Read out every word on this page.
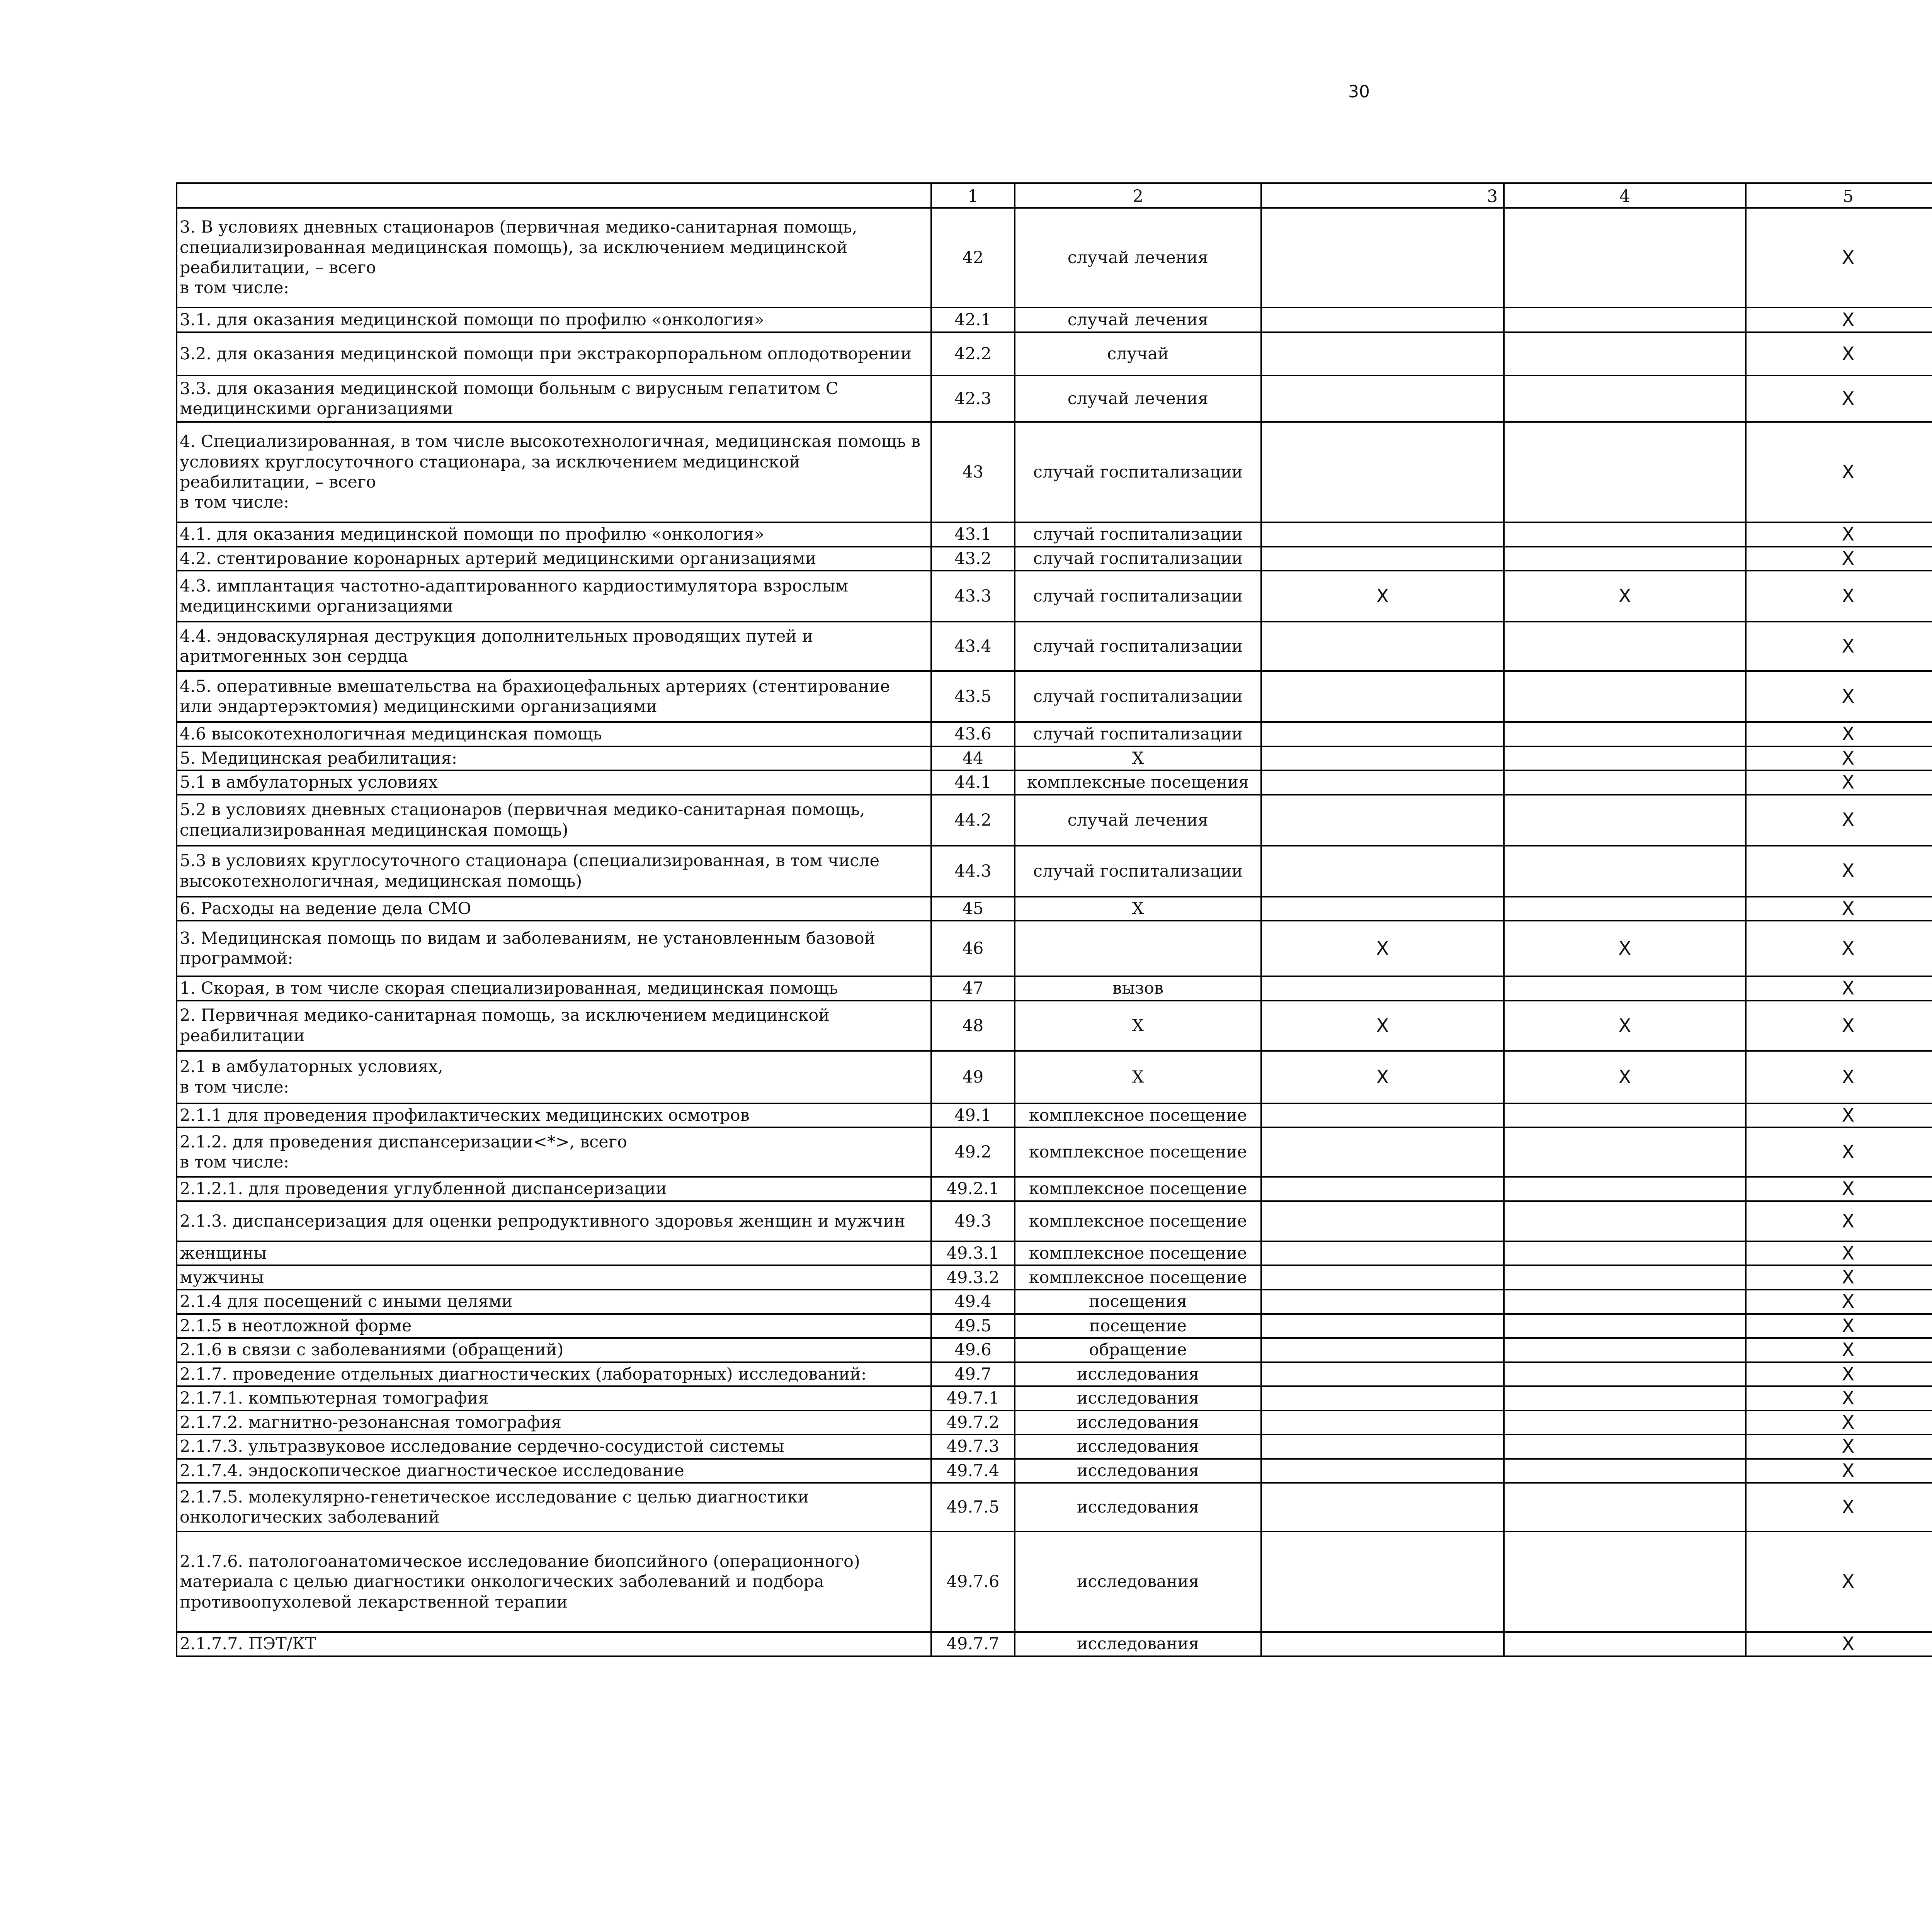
30
	1	2	3	4	5				
3. В условиях дневных стационаров (первичная медико-санитарная помощь, специализированная медицинская помощь), за исключением медицинской реабилитации, – всего
в том числе:	42	случай лечения			X				
3.1. для оказания медицинской помощи по профилю «онкология»	42.1	случай лечения			X				
3.2. для оказания медицинской помощи при экстракорпоральном оплодотворении	42.2	случай			X				
3.3. для оказания медицинской помощи больным с вирусным гепатитом С медицинскими организациями	42.3	случай лечения			X				
4. Специализированная, в том числе высокотехнологичная, медицинская помощь в условиях круглосуточного стационара, за исключением медицинской реабилитации, – всего
в том числе:	43	случай госпитализации			X				
4.1. для оказания медицинской помощи по профилю «онкология»	43.1	случай госпитализации			X				
4.2. стентирование коронарных артерий медицинскими организациями	43.2	случай госпитализации			X				
4.3. имплантация частотно-адаптированного кардиостимулятора взрослым медицинскими организациями	43.3	случай госпитализации	X	X	X				
4.4. эндоваскулярная деструкция дополнительных проводящих путей и аритмогенных зон сердца	43.4	случай госпитализации			X				
4.5. оперативные вмешательства на брахиоцефальных артериях (стентирование или эндартерэктомия) медицинскими организациями	43.5	случай госпитализации			X				
4.6 высокотехнологичная медицинская помощь	43.6	случай госпитализации			X				
5. Медицинская реабилитация:	44	X			X				
5.1 в амбулаторных условиях	44.1	комплексные посещения			X				
5.2 в условиях дневных стационаров (первичная медико-санитарная помощь, специализированная медицинская помощь)	44.2	случай лечения			X				
5.3 в условиях круглосуточного стационара (специализированная, в том числе высокотехнологичная, медицинская помощь)	44.3	случай госпитализации			X				
6. Расходы на ведение дела СМО	45	X			X				
3. Медицинская помощь по видам и заболеваниям, не установленным базовой программой:	46		X	X	X				
1. Скорая, в том числе скорая специализированная, медицинская помощь	47	вызов			X				
2. Первичная медико-санитарная помощь, за исключением медицинской реабилитации	48	X	X	X	X				
2.1 в амбулаторных условиях,
в том числе:	49	X	X	X	X				
2.1.1 для проведения профилактических медицинских осмотров	49.1	комплексное посещение			X				
2.1.2. для проведения диспансеризации<*>, всего
в том числе:	49.2	комплексное посещение			X				
2.1.2.1. для проведения углубленной диспансеризации	49.2.1	комплексное посещение			X				
2.1.3. диспансеризация для оценки репродуктивного здоровья женщин и мужчин	49.3	комплексное посещение			X				
женщины	49.3.1	комплексное посещение			X				
мужчины	49.3.2	комплексное посещение			X				
2.1.4 для посещений с иными целями	49.4	посещения			X				
2.1.5 в неотложной форме	49.5	посещение			X				
2.1.6 в связи с заболеваниями (обращений)	49.6	обращение			X				
2.1.7. проведение отдельных диагностических (лабораторных) исследований:	49.7	исследования			X				
2.1.7.1. компьютерная томография	49.7.1	исследования			X				
2.1.7.2. магнитно-резонансная томография	49.7.2	исследования			X				
2.1.7.3. ультразвуковое исследование сердечно-сосудистой системы	49.7.3	исследования			X				
2.1.7.4. эндоскопическое диагностическое исследование	49.7.4	исследования			X				
2.1.7.5. молекулярно-генетическое исследование с целью диагностики онкологических заболеваний	49.7.5	исследования			X				
2.1.7.6. патологоанатомическое исследование биопсийного (операционного) материала с целью диагностики онкологических заболеваний и подбора противоопухолевой лекарственной терапии	49.7.6	исследования			X				
2.1.7.7. ПЭТ/КТ	49.7.7	исследования			X				
